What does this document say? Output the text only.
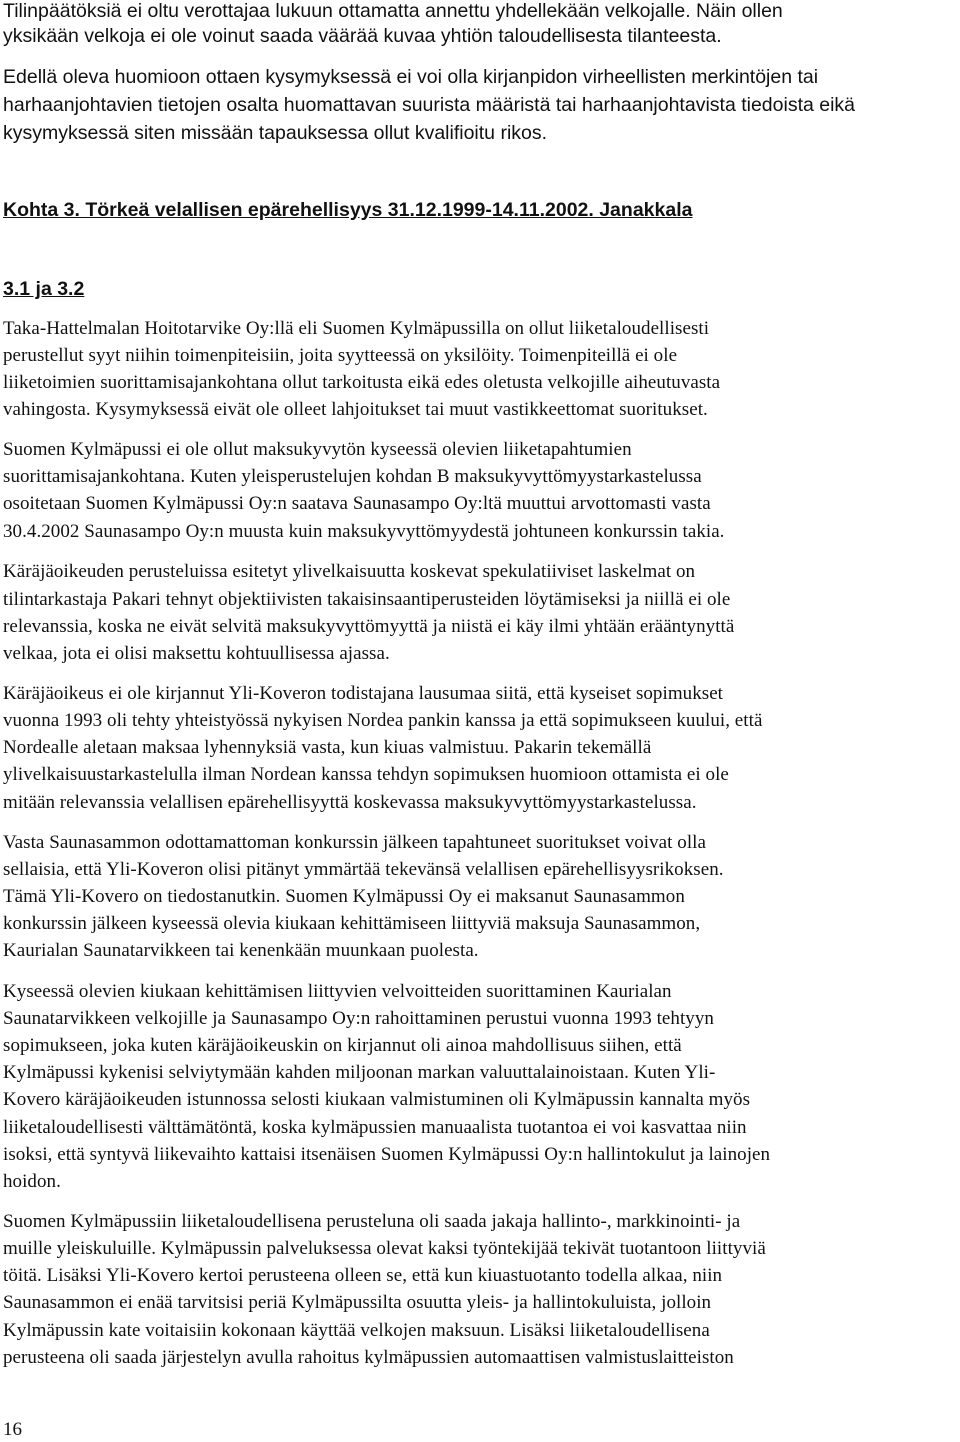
Tilinpäätöksiä ei oltu verottajaa lukuun ottamatta annettu yhdellekään velkojalle. Näin ollen
yksikään velkoja ei ole voinut saada väärää kuvaa yhtiön taloudellisesta tilanteesta.
Edellä oleva huomioon ottaen kysymyksessä ei voi olla kirjanpidon virheellisten merkintöjen tai
harhaanjohtavien tietojen osalta huomattavan suurista määristä tai harhaanjohtavista tiedoista eikä
kysymyksessä siten missään tapauksessa ollut kvalifioitu rikos.
Kohta 3. Törkeä velallisen epärehellisyys 31.12.1999-14.11.2002. Janakkala
3.1 ja 3.2
Taka-Hattelmalan Hoitotarvike Oy:llä eli Suomen Kylmäpussilla on ollut liiketaloudellisesti
perustellut syyt niihin toimenpiteisiin, joita syytteessä on yksilöity. Toimenpiteillä ei ole
liiketoimien suorittamisajankohtana ollut tarkoitusta eikä edes oletusta velkojille aiheutuvasta
vahingosta. Kysymyksessä eivät ole olleet lahjoitukset tai muut vastikkeettomat suoritukset.
Suomen Kylmäpussi ei ole ollut maksukyvytön kyseessä olevien liiketapahtumien
suorittamisajankohtana. Kuten yleisperustelujen kohdan B maksukyvyttömyystarkastelussa
osoitetaan Suomen Kylmäpussi Oy:n saatava Saunasampo Oy:ltä muuttui arvottomasti vasta
30.4.2002 Saunasampo Oy:n muusta kuin maksukyvyttömyydestä johtuneen konkurssin takia.
Käräjäoikeuden perusteluissa esitetyt ylivelkaisuutta koskevat spekulatiiviset laskelmat on
tilintarkastaja Pakari tehnyt objektiivisten takaisinsaantiperusteiden löytämiseksi ja niillä ei ole
relevanssia, koska ne eivät selvitä maksukyvyttömyyttä ja niistä ei käy ilmi yhtään erääntynyttä
velkaa, jota ei olisi maksettu kohtuullisessa ajassa.
Käräjäoikeus ei ole kirjannut Yli-Koveron todistajana lausumaa siitä, että kyseiset sopimukset
vuonna 1993 oli tehty yhteistyössä nykyisen Nordea pankin kanssa ja että sopimukseen kuului, että
Nordealle aletaan maksaa lyhennyksiä vasta, kun kiuas valmistuu. Pakarin tekemällä
ylivelkaisuustarkastelulla ilman Nordean kanssa tehdyn sopimuksen huomioon ottamista ei ole
mitään relevanssia velallisen epärehellisyyttä koskevassa maksukyvyttömyystarkastelussa.
Vasta Saunasammon odottamattoman konkurssin jälkeen tapahtuneet suoritukset voivat olla
sellaisia, että Yli-Koveron olisi pitänyt ymmärtää tekevänsä velallisen epärehellisyysrikoksen.
Tämä Yli-Kovero on tiedostanutkin. Suomen Kylmäpussi Oy ei maksanut Saunasammon
konkurssin jälkeen kyseessä olevia kiukaan kehittämiseen liittyviä maksuja Saunasammon,
Kaurialan Saunatarvikkeen tai kenenkään muunkaan puolesta.
Kyseessä olevien kiukaan kehittämisen liittyvien velvoitteiden suorittaminen Kaurialan
Saunatarvikkeen velkojille ja Saunasampo Oy:n rahoittaminen perustui vuonna 1993 tehtyyn
sopimukseen, joka kuten käräjäoikeuskin on kirjannut oli ainoa mahdollisuus siihen, että
Kylmäpussi kykenisi selviytymään kahden miljoonan markan valuuttalainoistaan. Kuten Yli-
Kovero käräjäoikeuden istunnossa selosti kiukaan valmistuminen oli Kylmäpussin kannalta myös
liiketaloudellisesti välttämätöntä, koska kylmäpussien manuaalista tuotantoa ei voi kasvattaa niin
isoksi, että syntyvä liikevaihto kattaisi itsenäisen Suomen Kylmäpussi Oy:n hallintokulut ja lainojen
hoidon.
Suomen Kylmäpussiin liiketaloudellisena perusteluna oli saada jakaja hallinto-, markkinointi- ja
muille yleiskuluille. Kylmäpussin palveluksessa olevat kaksi työntekijää tekivät tuotantoon liittyviä
töitä. Lisäksi Yli-Kovero kertoi perusteena olleen se, että kun kiuastuotanto todella alkaa, niin
Saunasammon ei enää tarvitsisi periä Kylmäpussilta osuutta yleis- ja hallintokuluista, jolloin
Kylmäpussin kate voitaisiin kokonaan käyttää velkojen maksuun. Lisäksi liiketaloudellisena
perusteena oli saada järjestelyn avulla rahoitus kylmäpussien automaattisen valmistuslaitteiston
16
